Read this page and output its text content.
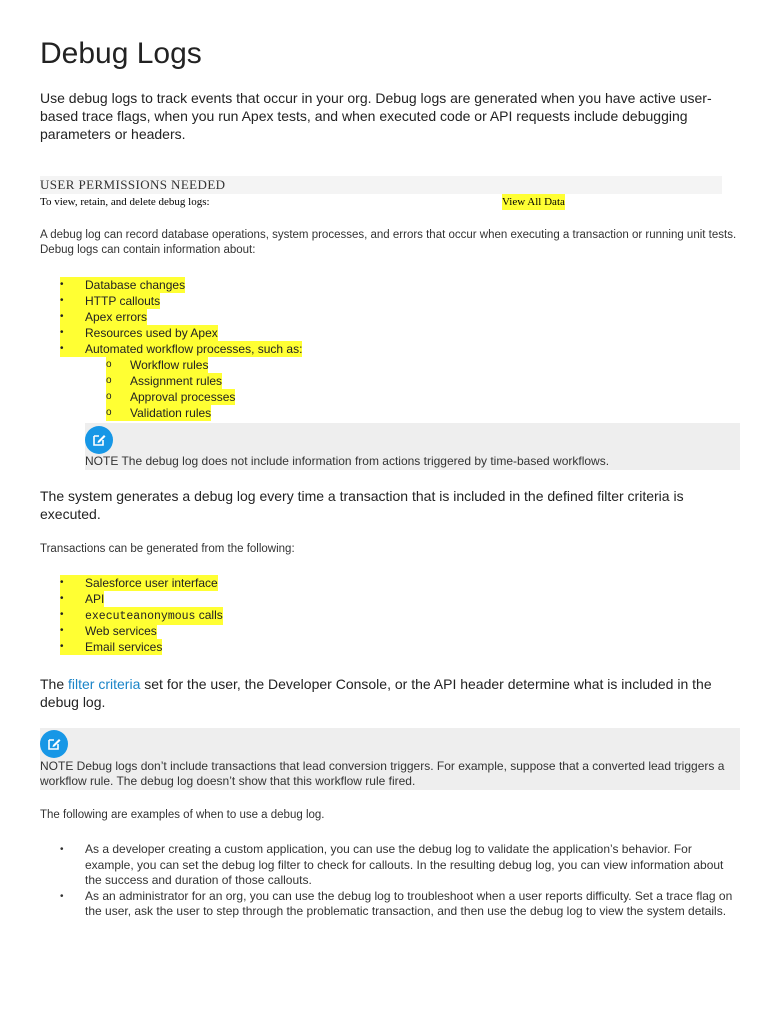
Debug Logs

Use debug logs to track events that occur in your org. Debug logs are generated when you have active user-based trace flags, when you run Apex tests, and when executed code or API requests include debugging parameters or headers.

USER PERMISSIONS NEEDED
To view, retain, and delete debug logs:	View All Data

A debug log can record database operations, system processes, and errors that occur when executing a transaction or running unit tests. Debug logs can contain information about:

•	Database changes
•	HTTP callouts
•	Apex errors
•	Resources used by Apex
•	Automated workflow processes, such as:
o	Workflow rules
o	Assignment rules
o	Approval processes
o	Validation rules
NOTE The debug log does not include information from actions triggered by time-based workflows.

The system generates a debug log every time a transaction that is included in the defined filter criteria is executed.

Transactions can be generated from the following:

•	Salesforce user interface
•	API
•	executeanonymous calls
•	Web services
•	Email services

The filter criteria set for the user, the Developer Console, or the API header determine what is included in the debug log.

NOTE Debug logs don’t include transactions that lead conversion triggers. For example, suppose that a converted lead triggers a workflow rule. The debug log doesn’t show that this workflow rule fired.

The following are examples of when to use a debug log.

• As a developer creating a custom application, you can use the debug log to validate the application’s behavior. For example, you can set the debug log filter to check for callouts. In the resulting debug log, you can view information about the success and duration of those callouts.
• As an administrator for an org, you can use the debug log to troubleshoot when a user reports difficulty. Set a trace flag on the user, ask the user to step through the problematic transaction, and then use the debug log to view the system details.
